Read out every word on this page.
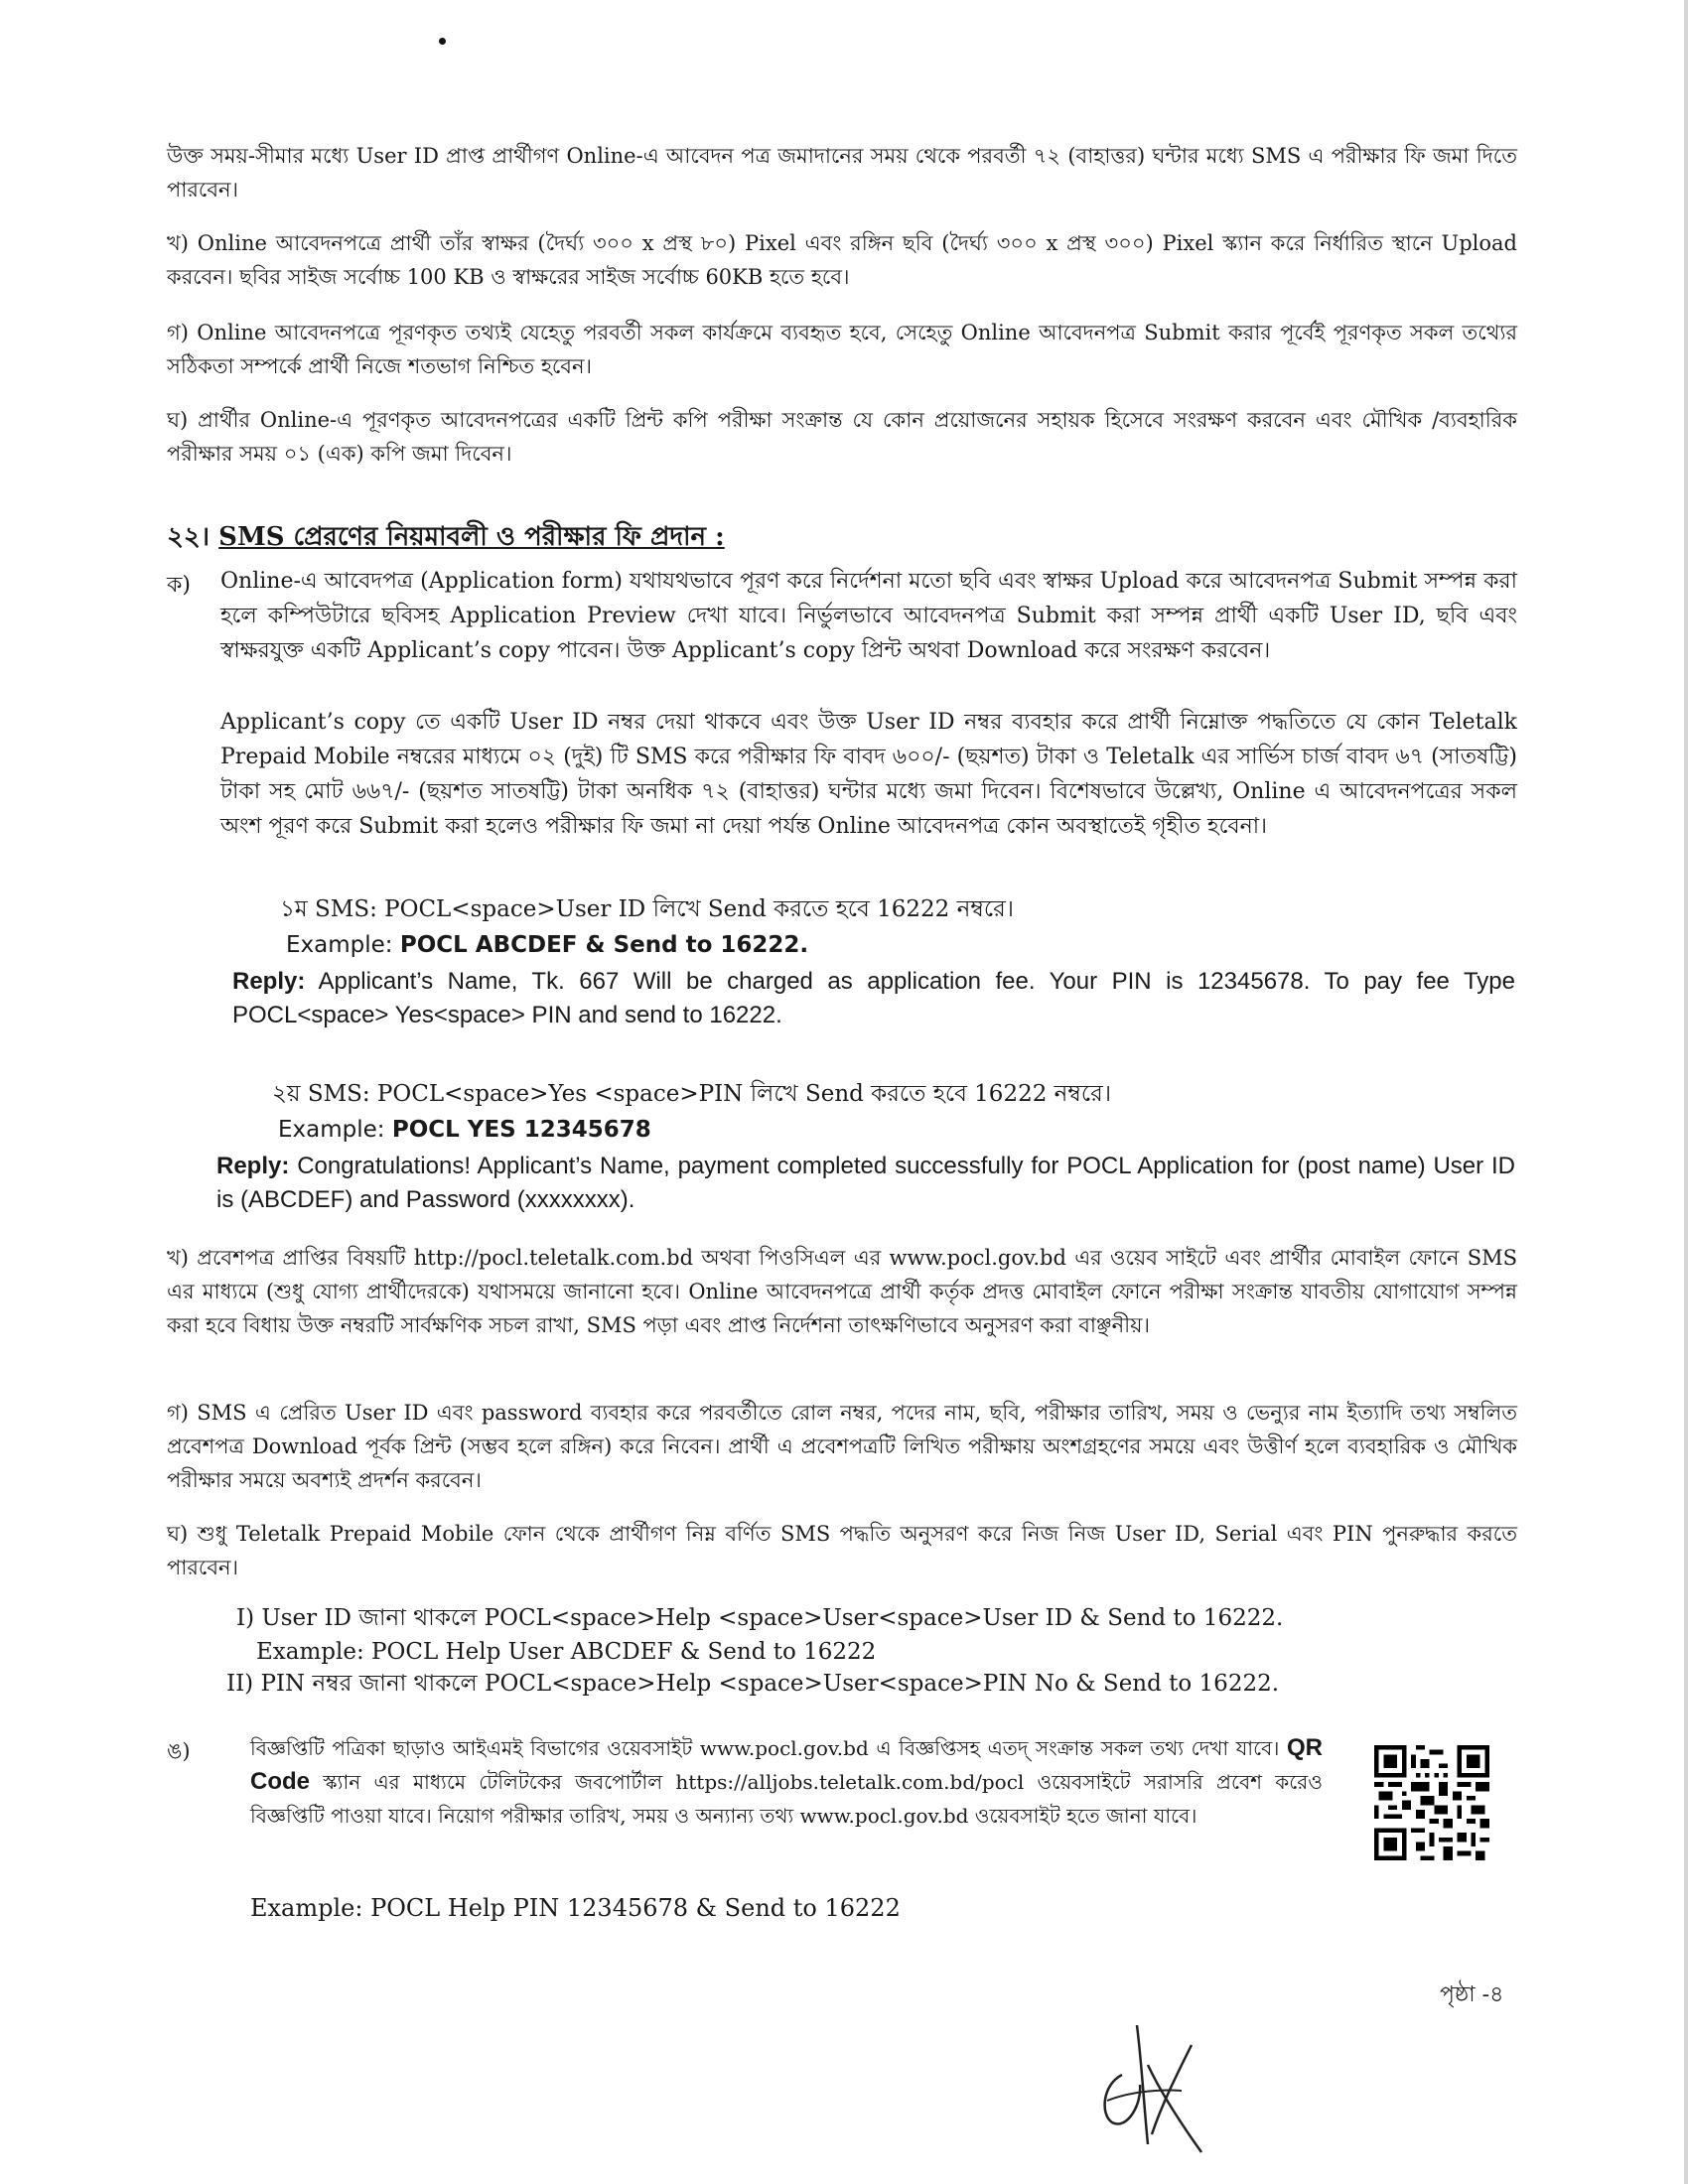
উক্ত সময়-সীমার মধ্যে User ID প্রাপ্ত প্রার্থীগণ Online-এ আবেদন পত্র জমাদানের সময় থেকে পরবর্তী ৭২ (বাহাত্তর) ঘন্টার মধ্যে SMS এ পরীক্ষার ফি জমা দিতে পারবেন।

খ) Online আবেদনপত্রে প্রার্থী তাঁর স্বাক্ষর (দৈর্ঘ্য ৩০০ x প্রস্থ ৮০) Pixel এবং রঙ্গিন ছবি (দৈর্ঘ্য ৩০০ x প্রস্থ ৩০০) Pixel স্ক্যান করে নির্ধারিত স্থানে Upload করবেন। ছবির সাইজ সর্বোচ্চ 100 KB ও স্বাক্ষরের সাইজ সর্বোচ্চ 60KB হতে হবে।

গ) Online আবেদনপত্রে পূরণকৃত তথ্যই যেহেতু পরবর্তী সকল কার্যক্রমে ব্যবহৃত হবে, সেহেতু Online আবেদনপত্র Submit করার পূর্বেই পূরণকৃত সকল তথ্যের সঠিকতা সম্পর্কে প্রার্থী নিজে শতভাগ নিশ্চিত হবেন।

ঘ) প্রার্থীর Online-এ পূরণকৃত আবেদনপত্রের একটি প্রিন্ট কপি পরীক্ষা সংক্রান্ত যে কোন প্রয়োজনের সহায়ক হিসেবে সংরক্ষণ করবেন এবং মৌখিক /ব্যবহারিক পরীক্ষার সময় ০১ (এক) কপি জমা দিবেন।

২২। SMS প্রেরণের নিয়মাবলী ও পরীক্ষার ফি প্রদান :
ক) Online-এ আবেদপত্র (Application form) যথাযথভাবে পূরণ করে নির্দেশনা মতো ছবি এবং স্বাক্ষর Upload করে আবেদনপত্র Submit সম্পন্ন করা হলে কম্পিউটারে ছবিসহ Application Preview দেখা যাবে। নির্ভুলভাবে আবেদনপত্র Submit করা সম্পন্ন প্রার্থী একটি User ID, ছবি এবং স্বাক্ষরযুক্ত একটি Applicant’s copy পাবেন। উক্ত Applicant’s copy প্রিন্ট অথবা Download করে সংরক্ষণ করবেন।

Applicant’s copy তে একটি User ID নম্বর দেয়া থাকবে এবং উক্ত User ID নম্বর ব্যবহার করে প্রার্থী নিম্নোক্ত পদ্ধতিতে যে কোন Teletalk Prepaid Mobile নম্বরের মাধ্যমে ০২ (দুই) টি SMS করে পরীক্ষার ফি বাবদ ৬০০/- (ছয়শত) টাকা ও Teletalk এর সার্ভিস চার্জ বাবদ ৬৭ (সাতষট্টি) টাকা সহ মোট ৬৬৭/- (ছয়শত সাতষট্টি) টাকা অনধিক ৭২ (বাহাত্তর) ঘন্টার মধ্যে জমা দিবেন। বিশেষভাবে উল্লেখ্য, Online এ আবেদনপত্রের সকল অংশ পূরণ করে Submit করা হলেও পরীক্ষার ফি জমা না দেয়া পর্যন্ত Online আবেদনপত্র কোন অবস্থাতেই গৃহীত হবেনা।

১ম SMS: POCL<space>User ID লিখে Send করতে হবে 16222 নম্বরে।

Example: POCL ABCDEF & Send to 16222.

Reply: Applicant’s Name, Tk. 667 Will be charged as application fee. Your PIN is 12345678. To pay fee Type POCL<space> Yes<space> PIN and send to 16222.

২য় SMS: POCL<space>Yes <space>PIN লিখে Send করতে হবে 16222 নম্বরে।

Example: POCL YES 12345678

Reply: Congratulations! Applicant’s Name, payment completed successfully for POCL Application for (post name) User ID is (ABCDEF) and Password (xxxxxxxx).

খ) প্রবেশপত্র প্রাপ্তির বিষয়টি http://pocl.teletalk.com.bd অথবা পিওসিএল এর www.pocl.gov.bd এর ওয়েব সাইটে এবং প্রার্থীর মোবাইল ফোনে SMS এর মাধ্যমে (শুধু যোগ্য প্রার্থীদেরকে) যথাসময়ে জানানো হবে। Online আবেদনপত্রে প্রার্থী কর্তৃক প্রদত্ত মোবাইল ফোনে পরীক্ষা সংক্রান্ত যাবতীয় যোগাযোগ সম্পন্ন করা হবে বিধায় উক্ত নম্বরটি সার্বক্ষণিক সচল রাখা, SMS পড়া এবং প্রাপ্ত নির্দেশনা তাৎক্ষণিভাবে অনুসরণ করা বাঞ্ছনীয়।

গ) SMS এ প্রেরিত User ID এবং password ব্যবহার করে পরবর্তীতে রোল নম্বর, পদের নাম, ছবি, পরীক্ষার তারিখ, সময় ও ভেন্যুর নাম ইত্যাদি তথ্য সম্বলিত প্রবেশপত্র Download পূর্বক প্রিন্ট (সম্ভব হলে রঙ্গিন) করে নিবেন। প্রার্থী এ প্রবেশপত্রটি লিখিত পরীক্ষায় অংশগ্রহণের সময়ে এবং উত্তীর্ণ হলে ব্যবহারিক ও মৌখিক পরীক্ষার সময়ে অবশ্যই প্রদর্শন করবেন।

ঘ) শুধু Teletalk Prepaid Mobile ফোন থেকে প্রার্থীগণ নিম্ন বর্ণিত SMS পদ্ধতি অনুসরণ করে নিজ নিজ User ID, Serial এবং PIN পুনরুদ্ধার করতে পারবেন।

I) User ID জানা থাকলে POCL<space>Help <space>User<space>User ID & Send to 16222.

Example: POCL Help User ABCDEF & Send to 16222

II) PIN নম্বর জানা থাকলে POCL<space>Help <space>User<space>PIN No & Send to 16222.

ঙ)	বিজ্ঞপ্তিটি পত্রিকা ছাড়াও আইএমই বিভাগের ওয়েবসাইট www.pocl.gov.bd এ বিজ্ঞপ্তিসহ এতদ্‌ সংক্রান্ত সকল তথ্য দেখা যাবে। QR Code স্ক্যান এর মাধ্যমে টেলিটকের জবপোর্টাল https://alljobs.teletalk.com.bd/pocl ওয়েবসাইটে সরাসরি প্রবেশ করেও বিজ্ঞপ্তিটি পাওয়া যাবে। নিয়োগ পরীক্ষার তারিখ, সময় ও অন্যান্য তথ্য www.pocl.gov.bd ওয়েবসাইট হতে জানা যাবে।

Example: POCL Help PIN 12345678 & Send to 16222

পৃষ্ঠা -৪
